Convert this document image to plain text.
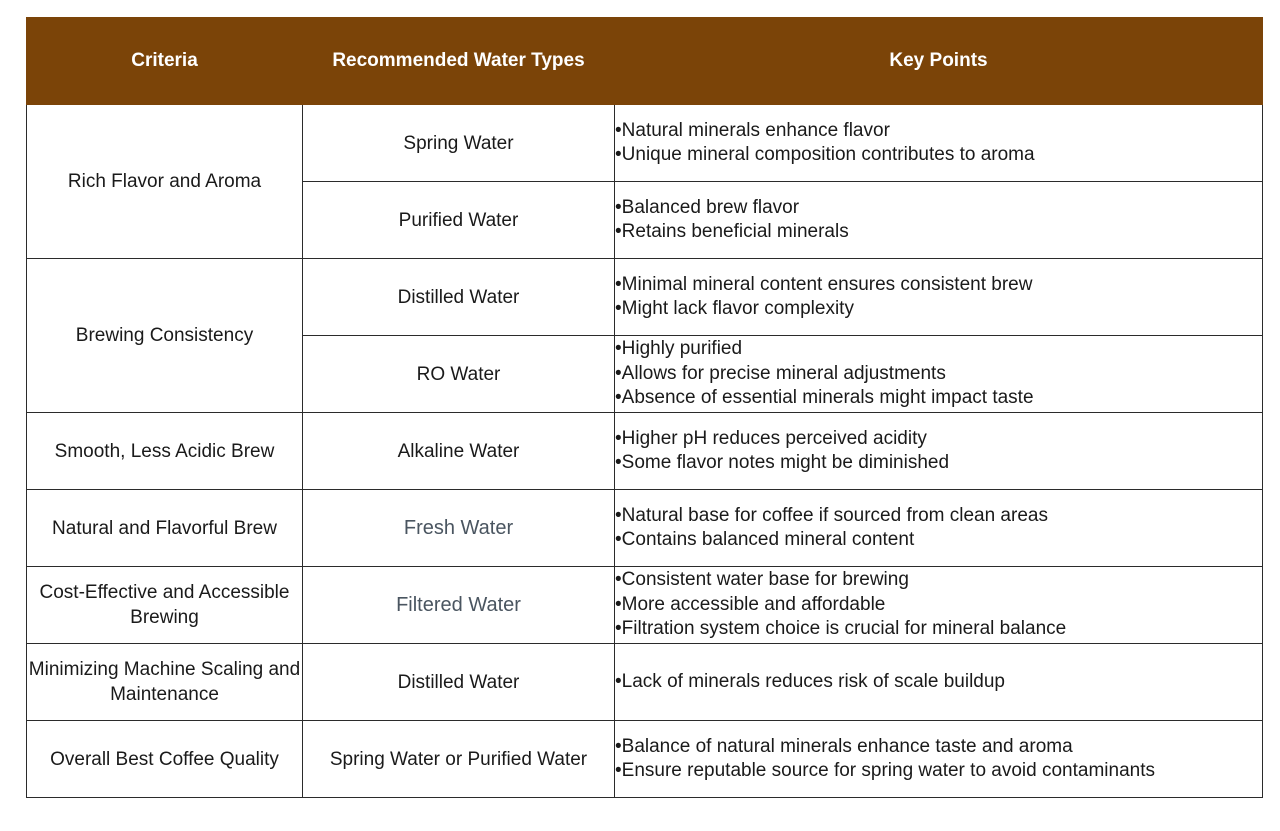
Criteria	Recommended Water Types	Key Points
Rich Flavor and Aroma	Spring Water	•Natural minerals enhance flavor
•Unique mineral composition contributes to aroma

	Purified Water	•Balanced brew flavor
•Retains beneficial minerals

Brewing Consistency	Distilled Water	•Minimal mineral content ensures consistent brew
•Might lack flavor complexity

	RO Water	•Highly purified
•Allows for precise mineral adjustments
•Absence of essential minerals might impact taste

Smooth, Less Acidic Brew	Alkaline Water	•Higher pH reduces perceived acidity
•Some flavor notes might be diminished

Natural and Flavorful Brew	Fresh Water	•Natural base for coffee if sourced from clean areas
•Contains balanced mineral content

Cost-Effective and Accessible Brewing	Filtered Water	•Consistent water base for brewing
•More accessible and affordable
•Filtration system choice is crucial for mineral balance

Minimizing Machine Scaling and Maintenance	Distilled Water	•Lack of minerals reduces risk of scale buildup

Overall Best Coffee Quality	Spring Water or Purified Water	•Balance of natural minerals enhance taste and aroma
•Ensure reputable source for spring water to avoid contaminants
